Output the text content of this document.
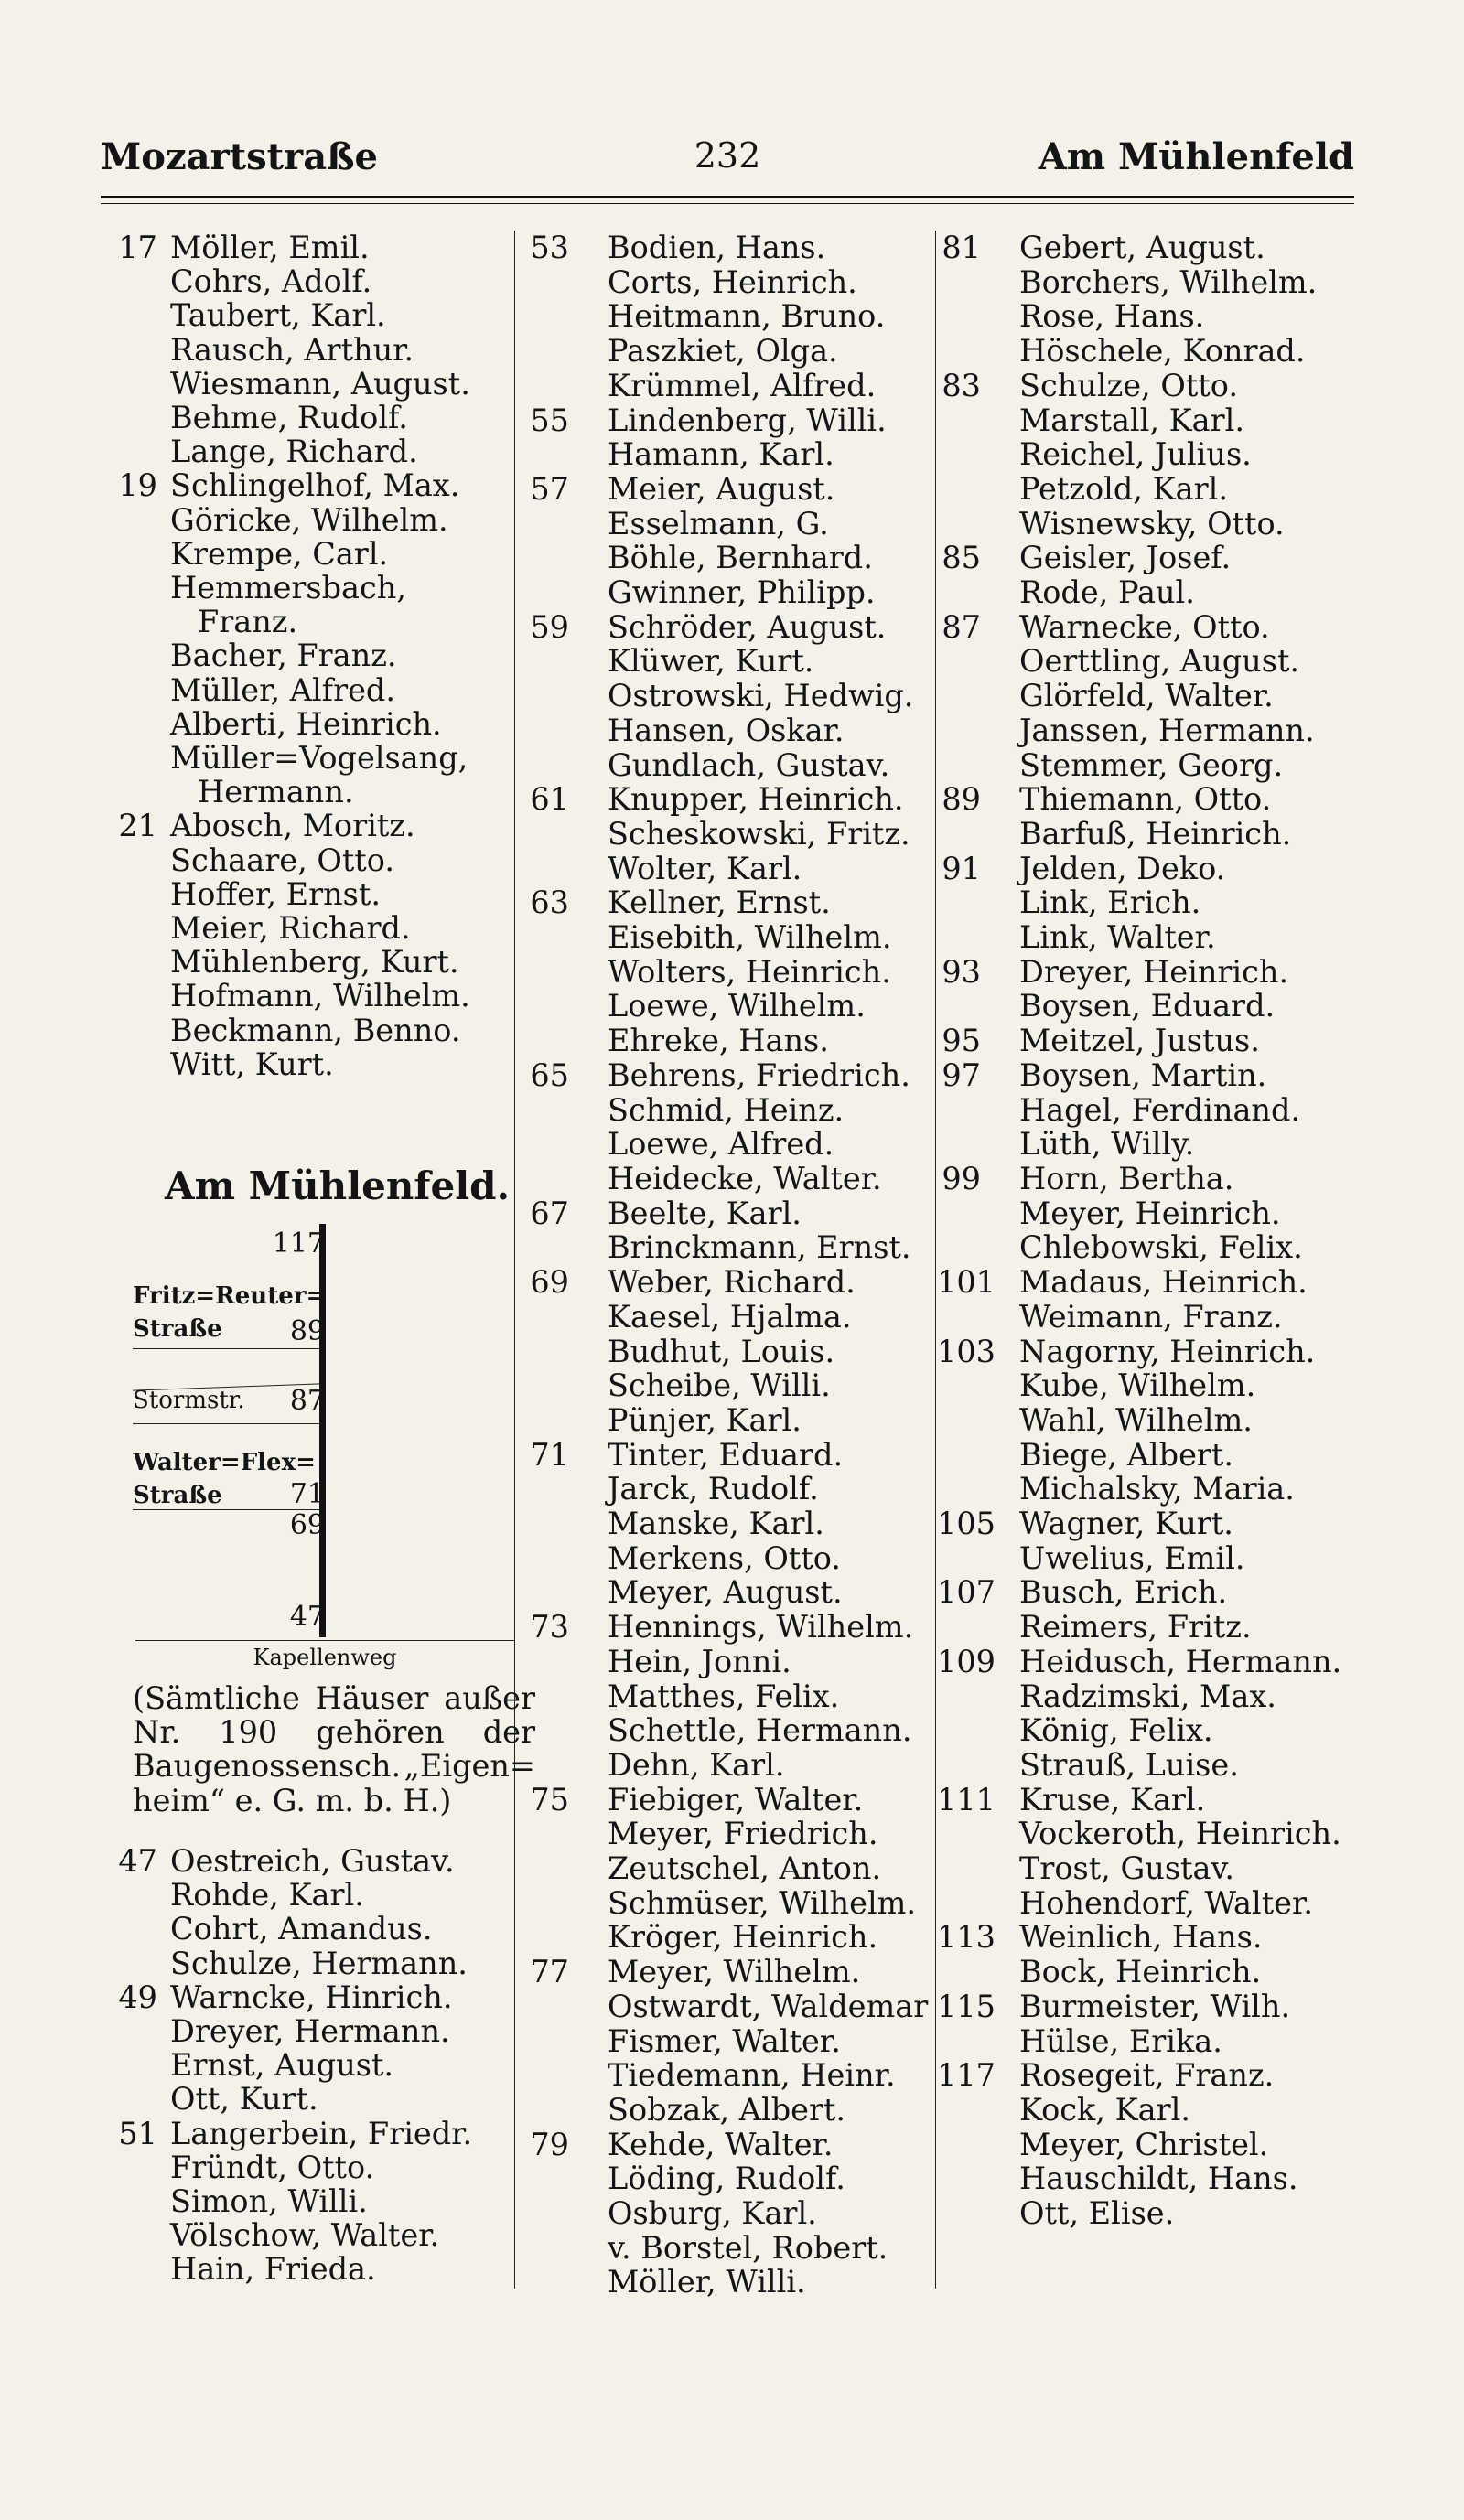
Mozartstraße	232	Am Mühlenfeld
17 Möller, Emil.
Cohrs, Adolf.
Taubert, Karl.
Rausch, Arthur.
Wiesmann, August.
Behme, Rudolf.
Lange, Richard.
19 Schlingelhof, Max.
Göricke, Wilhelm.
Krempe, Carl.
Hemmersbach,
Franz.
Bacher, Franz.
Müller, Alfred.
Alberti, Heinrich.
Müller=Vogelsang,
Hermann.
21 Abosch, Moritz.
Schaare, Otto.
Hoffer, Ernst.
Meier, Richard.
Mühlenberg, Kurt.
Hofmann, Wilhelm.
Beckmann, Benno.
Witt, Kurt.
Am Mühlenfeld.
117
Fritz=Reuter=
Straße 89
Stormstr. 87
Walter=Flex=
Straße 71
69
47
Kapellenweg
(Sämtliche Häuser außer
Nr. 190 gehören der
Baugenossensch. „Eigen=
heim“ e. G. m. b. H.)
47 Oestreich, Gustav.
Rohde, Karl.
Cohrt, Amandus.
Schulze, Hermann.
49 Warncke, Hinrich.
Dreyer, Hermann.
Ernst, August.
Ott, Kurt.
51 Langerbein, Friedr.
Fründt, Otto.
Simon, Willi.
Völschow, Walter.
Hain, Frieda.
53 Bodien, Hans.
Corts, Heinrich.
Heitmann, Bruno.
Paszkiet, Olga.
Krümmel, Alfred.
55 Lindenberg, Willi.
Hamann, Karl.
57 Meier, August.
Esselmann, G.
Böhle, Bernhard.
Gwinner, Philipp.
59 Schröder, August.
Klüwer, Kurt.
Ostrowski, Hedwig.
Hansen, Oskar.
Gundlach, Gustav.
61 Knupper, Heinrich.
Scheskowski, Fritz.
Wolter, Karl.
63 Kellner, Ernst.
Eisebith, Wilhelm.
Wolters, Heinrich.
Loewe, Wilhelm.
Ehreke, Hans.
65 Behrens, Friedrich.
Schmid, Heinz.
Loewe, Alfred.
Heidecke, Walter.
67 Beelte, Karl.
Brinckmann, Ernst.
69 Weber, Richard.
Kaesel, Hjalma.
Budhut, Louis.
Scheibe, Willi.
Pünjer, Karl.
71 Tinter, Eduard.
Jarck, Rudolf.
Manske, Karl.
Merkens, Otto.
Meyer, August.
73 Hennings, Wilhelm.
Hein, Jonni.
Matthes, Felix.
Schettle, Hermann.
Dehn, Karl.
75 Fiebiger, Walter.
Meyer, Friedrich.
Zeutschel, Anton.
Schmüser, Wilhelm.
Kröger, Heinrich.
77 Meyer, Wilhelm.
Ostwardt, Waldemar
Fismer, Walter.
Tiedemann, Heinr.
Sobzak, Albert.
79 Kehde, Walter.
Löding, Rudolf.
Osburg, Karl.
v. Borstel, Robert.
Möller, Willi.
81 Gebert, August.
Borchers, Wilhelm.
Rose, Hans.
Höschele, Konrad.
83 Schulze, Otto.
Marstall, Karl.
Reichel, Julius.
Petzold, Karl.
Wisnewsky, Otto.
85 Geisler, Josef.
Rode, Paul.
87 Warnecke, Otto.
Oerttling, August.
Glörfeld, Walter.
Janssen, Hermann.
Stemmer, Georg.
89 Thiemann, Otto.
Barfuß, Heinrich.
91 Jelden, Deko.
Link, Erich.
Link, Walter.
93 Dreyer, Heinrich.
Boysen, Eduard.
95 Meitzel, Justus.
97 Boysen, Martin.
Hagel, Ferdinand.
Lüth, Willy.
99 Horn, Bertha.
Meyer, Heinrich.
Chlebowski, Felix.
101 Madaus, Heinrich.
Weimann, Franz.
103 Nagorny, Heinrich.
Kube, Wilhelm.
Wahl, Wilhelm.
Biege, Albert.
Michalsky, Maria.
105 Wagner, Kurt.
Uwelius, Emil.
107 Busch, Erich.
Reimers, Fritz.
109 Heidusch, Hermann.
Radzimski, Max.
König, Felix.
Strauß, Luise.
111 Kruse, Karl.
Vockeroth, Heinrich.
Trost, Gustav.
Hohendorf, Walter.
113 Weinlich, Hans.
Bock, Heinrich.
115 Burmeister, Wilh.
Hülse, Erika.
117 Rosegeit, Franz.
Kock, Karl.
Meyer, Christel.
Hauschildt, Hans.
Ott, Elise.
